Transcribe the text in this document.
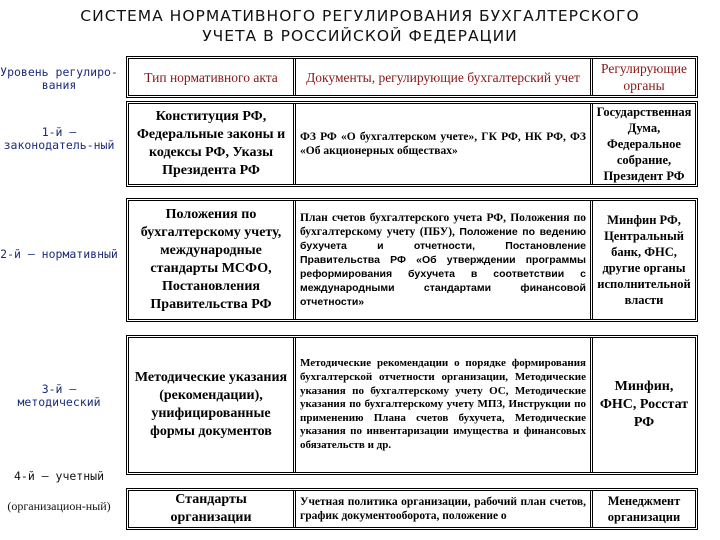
СИСТЕМА НОРМАТИВНОГО РЕГУЛИРОВАНИЯ БУХГАЛТЕРСКОГО
УЧЕТА В РОССИЙСКОЙ ФЕДЕРАЦИИ
Уровень регулиро-вания
1-й – законодатель-ный
2-й – нормативный
3-й – методический
4-й – учетный
(организацион-ный)
Тип нормативного акта	Документы, регулирующие бухгалтерский учет
Регулирующие органы
Конституция РФ, Федеральные законы и кодексы РФ, Указы Президента РФ
ФЗ РФ «О бухгалтерском учете», ГК РФ, НК РФ, ФЗ «Об акционерных обществах»
Государственная Дума, Федеральное собрание, Президент РФ
Положения по бухгалтерскому учету, международные стандарты МСФО, Постановления Правительства РФ
План счетов бухгалтерского учета РФ, Положения по бухгалтерскому учету (ПБУ), Положение по ведению бухучета и отчетности, Постановление Правительства РФ «Об утверждении программы реформирования бухучета в соответствии с международными стандартами финансовой отчетности»
Минфин РФ, Центральный банк, ФНС, другие органы исполнительной власти
Методические указания (рекомендации), унифицированные формы документов
Методические рекомендации о порядке формирования бухгалтерской отчетности организации, Методические указания по бухгалтерскому учету ОС, Методические указания по бухгалтерскому учету МПЗ, Инструкции по применению Плана счетов бухучета, Методические указания по инвентаризации имущества и финансовых обязательств и др.
Минфин, ФНС, Росстат РФ
Стандарты организации
Учетная политика организации, рабочий план счетов, график документооборота, положение о
Менеджмент организации
